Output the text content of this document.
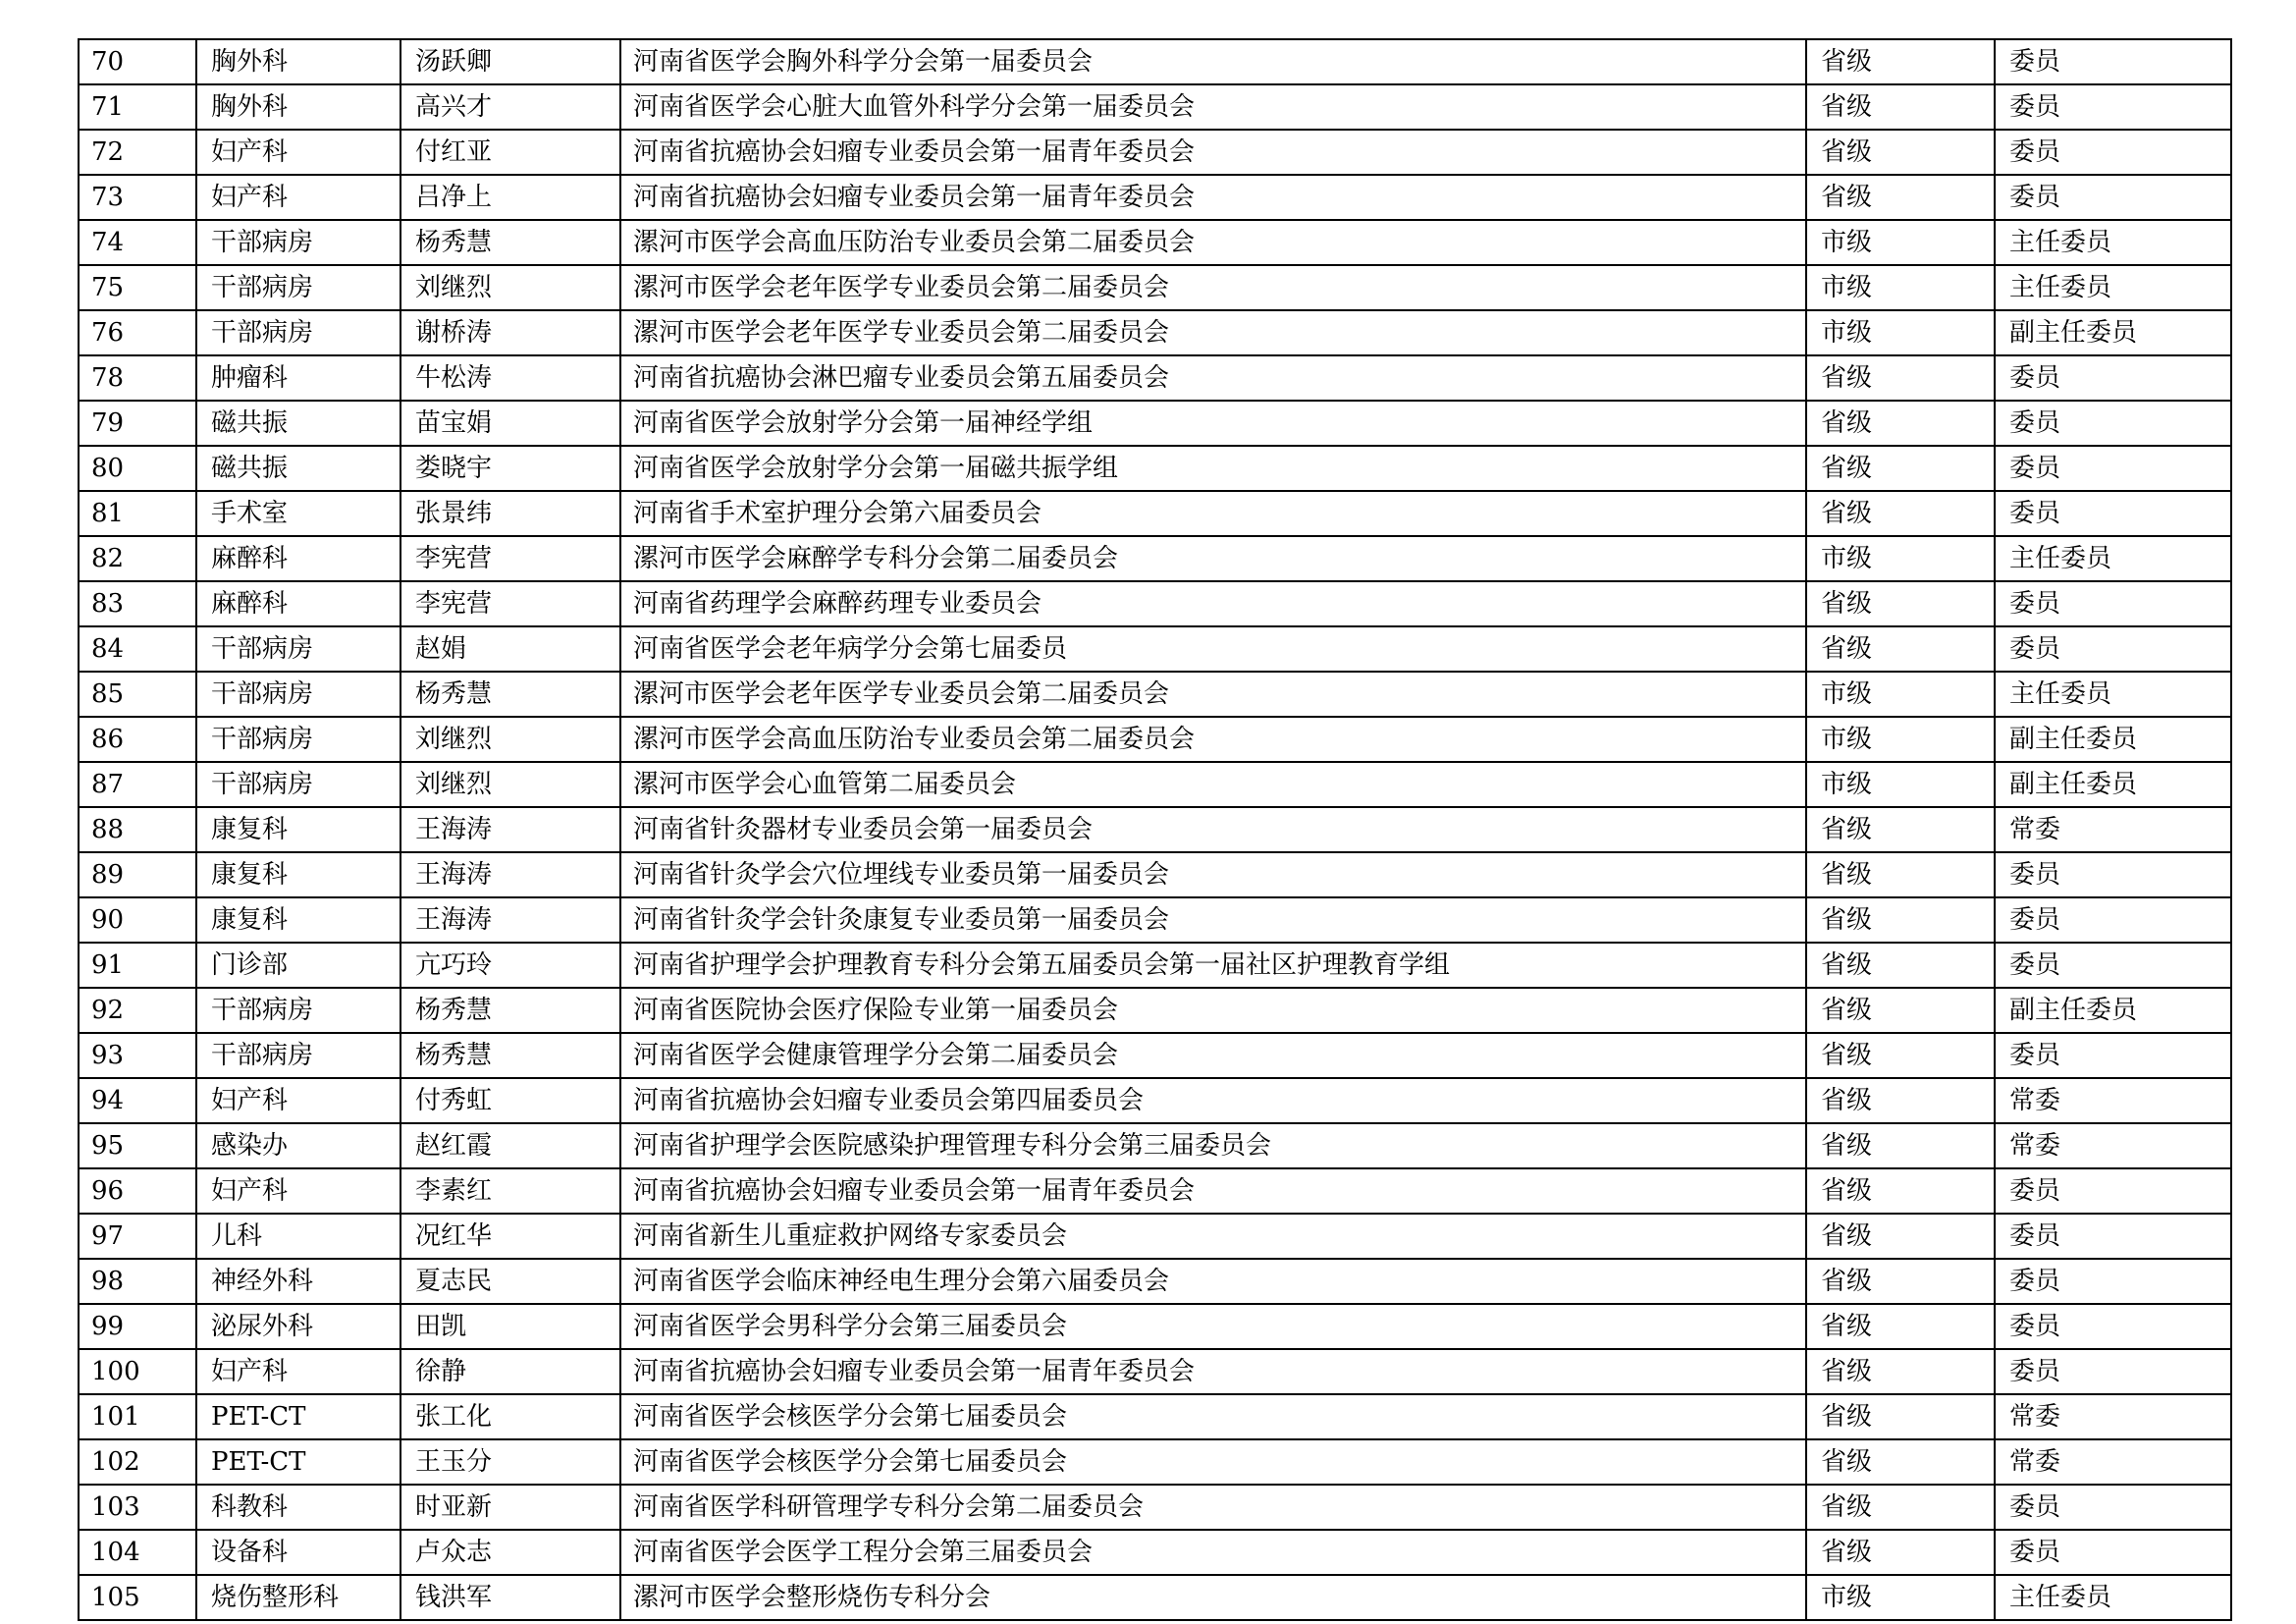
70	胸外科	汤跃卿	河南省医学会胸外科学分会第一届委员会	省级	委员
71	胸外科	高兴才	河南省医学会心脏大血管外科学分会第一届委员会	省级	委员
72	妇产科	付红亚	河南省抗癌协会妇瘤专业委员会第一届青年委员会	省级	委员
73	妇产科	吕净上	河南省抗癌协会妇瘤专业委员会第一届青年委员会	省级	委员
74	干部病房	杨秀慧	漯河市医学会高血压防治专业委员会第二届委员会	市级	主任委员
75	干部病房	刘继烈	漯河市医学会老年医学专业委员会第二届委员会	市级	主任委员
76	干部病房	谢桥涛	漯河市医学会老年医学专业委员会第二届委员会	市级	副主任委员
78	肿瘤科	牛松涛	河南省抗癌协会淋巴瘤专业委员会第五届委员会	省级	委员
79	磁共振	苗宝娟	河南省医学会放射学分会第一届神经学组	省级	委员
80	磁共振	娄晓宇	河南省医学会放射学分会第一届磁共振学组	省级	委员
81	手术室	张景纬	河南省手术室护理分会第六届委员会	省级	委员
82	麻醉科	李宪营	漯河市医学会麻醉学专科分会第二届委员会	市级	主任委员
83	麻醉科	李宪营	河南省药理学会麻醉药理专业委员会	省级	委员
84	干部病房	赵娟	河南省医学会老年病学分会第七届委员	省级	委员
85	干部病房	杨秀慧	漯河市医学会老年医学专业委员会第二届委员会	市级	主任委员
86	干部病房	刘继烈	漯河市医学会高血压防治专业委员会第二届委员会	市级	副主任委员
87	干部病房	刘继烈	漯河市医学会心血管第二届委员会	市级	副主任委员
88	康复科	王海涛	河南省针灸器材专业委员会第一届委员会	省级	常委
89	康复科	王海涛	河南省针灸学会穴位埋线专业委员第一届委员会	省级	委员
90	康复科	王海涛	河南省针灸学会针灸康复专业委员第一届委员会	省级	委员
91	门诊部	亢巧玲	河南省护理学会护理教育专科分会第五届委员会第一届社区护理教育学组	省级	委员
92	干部病房	杨秀慧	河南省医院协会医疗保险专业第一届委员会	省级	副主任委员
93	干部病房	杨秀慧	河南省医学会健康管理学分会第二届委员会	省级	委员
94	妇产科	付秀虹	河南省抗癌协会妇瘤专业委员会第四届委员会	省级	常委
95	感染办	赵红霞	河南省护理学会医院感染护理管理专科分会第三届委员会	省级	常委
96	妇产科	李素红	河南省抗癌协会妇瘤专业委员会第一届青年委员会	省级	委员
97	儿科	况红华	河南省新生儿重症救护网络专家委员会	省级	委员
98	神经外科	夏志民	河南省医学会临床神经电生理分会第六届委员会	省级	委员
99	泌尿外科	田凯	河南省医学会男科学分会第三届委员会	省级	委员
100	妇产科	徐静	河南省抗癌协会妇瘤专业委员会第一届青年委员会	省级	委员
101	PET-CT	张工化	河南省医学会核医学分会第七届委员会	省级	常委
102	PET-CT	王玉分	河南省医学会核医学分会第七届委员会	省级	常委
103	科教科	时亚新	河南省医学科研管理学专科分会第二届委员会	省级	委员
104	设备科	卢众志	河南省医学会医学工程分会第三届委员会	省级	委员
105	烧伤整形科	钱洪军	漯河市医学会整形烧伤专科分会	市级	主任委员
